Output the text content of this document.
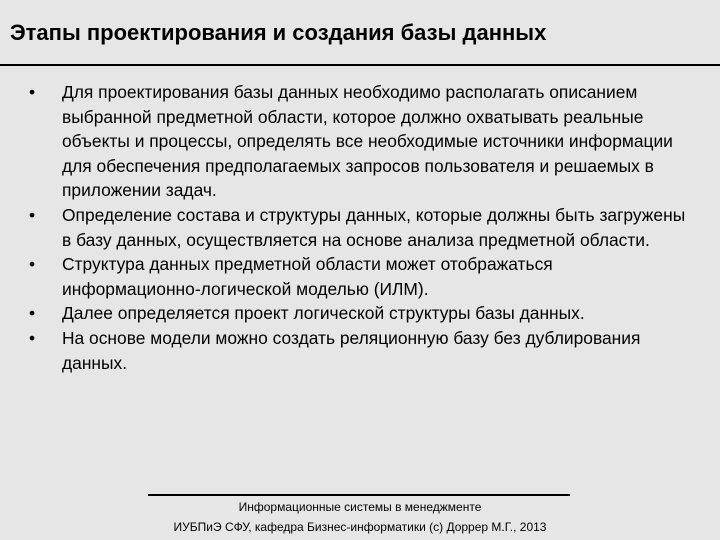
Этапы проектирования и создания базы данных
•	Для проектирования базы данных необходимо располагать описанием выбранной предметной области, которое должно охватывать реальные объекты и процессы, определять все необходимые источники информации для обеспечения предполагаемых запросов пользователя и решаемых в приложении задач.
•	Определение состава и структуры данных, которые должны быть загружены в базу данных, осуществляется на основе анализа предметной области.
•	Структура данных предметной области может отображаться информационно-логической моделью (ИЛМ).
•	Далее определяется проект логической структуры базы данных.
•	На основе модели можно создать реляционную базу без дублирования данных.
Информационные системы в менеджменте
ИУБПиЭ СФУ, кафедра Бизнес-информатики (с) Доррер М.Г., 2013
